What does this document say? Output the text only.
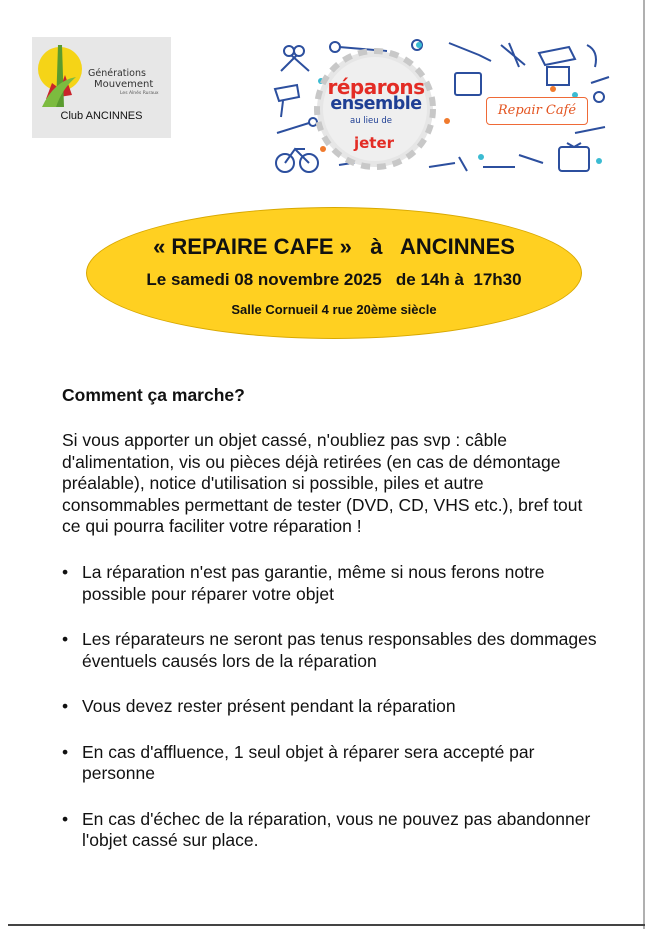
Générations
Mouvement
Les Aînés Ruraux
Club ANCINNES
réparons
ensemble
au lieu de
jeter
Repair Café
« REPAIRE CAFE »   à   ANCINNES
Le samedi 08 novembre 2025   de 14h à  17h30
Salle Cornueil 4 rue 20ème siècle
Comment ça marche?

Si vous apporter un objet cassé, n'oubliez pas svp : câble d'alimentation, vis ou pièces déjà retirées (en cas de démontage préalable), notice d'utilisation si possible, piles et autre consommables permettant de tester (DVD, CD, VHS etc.), bref tout ce qui pourra faciliter votre réparation !

• La réparation n'est pas garantie, même si nous ferons notre possible pour réparer votre objet
• Les réparateurs ne seront pas tenus responsables des dommages éventuels causés lors de la réparation
• Vous devez rester présent pendant la réparation
• En cas d'affluence, 1 seul objet à réparer sera accepté par personne
• En cas d'échec de la réparation, vous ne pouvez pas abandonner l'objet cassé sur place.
